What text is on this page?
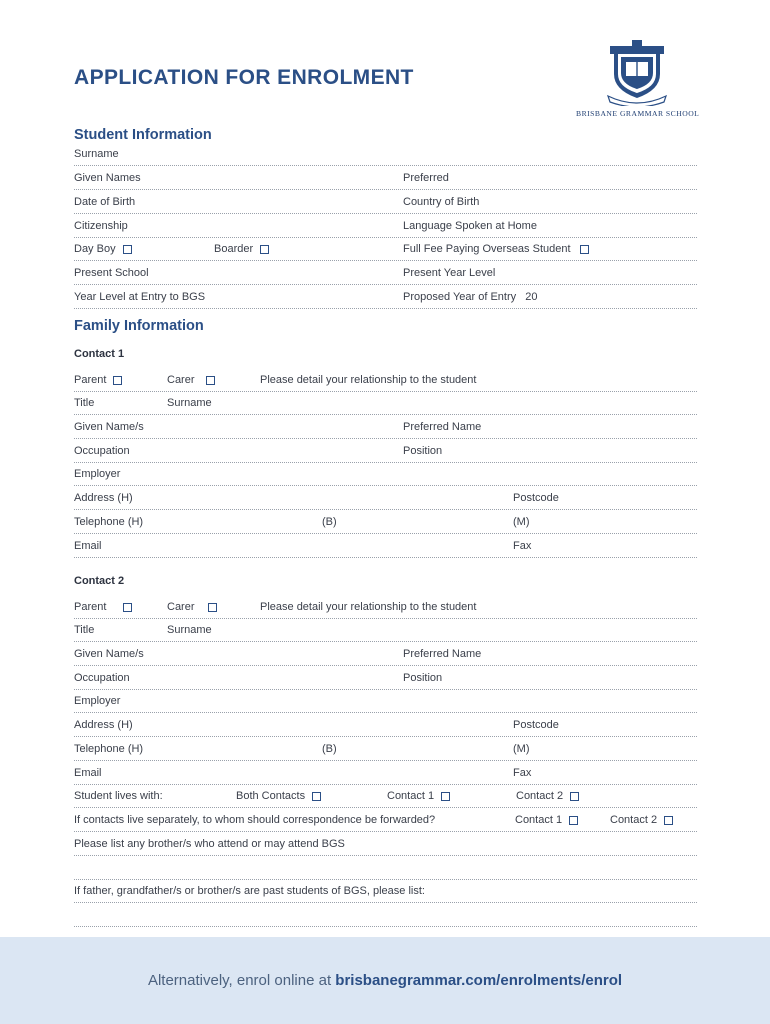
APPLICATION FOR ENROLMENT
BRISBANE GRAMMAR SCHOOL
Student Information
Surname
Given Names	Preferred
Date of Birth	Country of Birth
Citizenship	Language Spoken at Home
Day Boy	Boarder	Full Fee Paying Overseas Student
Present School	Present Year Level
Year Level at Entry to BGS	Proposed Year of Entry   20
Family Information
Contact 1
Parent	Carer	Please detail your relationship to the student
Title	Surname
Given Name/s	Preferred Name
Occupation	Position
Employer
Address (H)	Postcode
Telephone (H)	(B)	(M)
Email	Fax
Contact 2
Parent	Carer	Please detail your relationship to the student
Title	Surname
Given Name/s	Preferred Name
Occupation	Position
Employer
Address (H)	Postcode
Telephone (H)	(B)	(M)
Email	Fax
Student lives with:	Both Contacts	Contact 1	Contact 2
If contacts live separately, to whom should correspondence be forwarded?	Contact 1	Contact 2
Please list any brother/s who attend or may attend BGS
If father, grandfather/s or brother/s are past students of BGS, please list:
Alternatively, enrol online at brisbanegrammar.com/enrolments/enrol
